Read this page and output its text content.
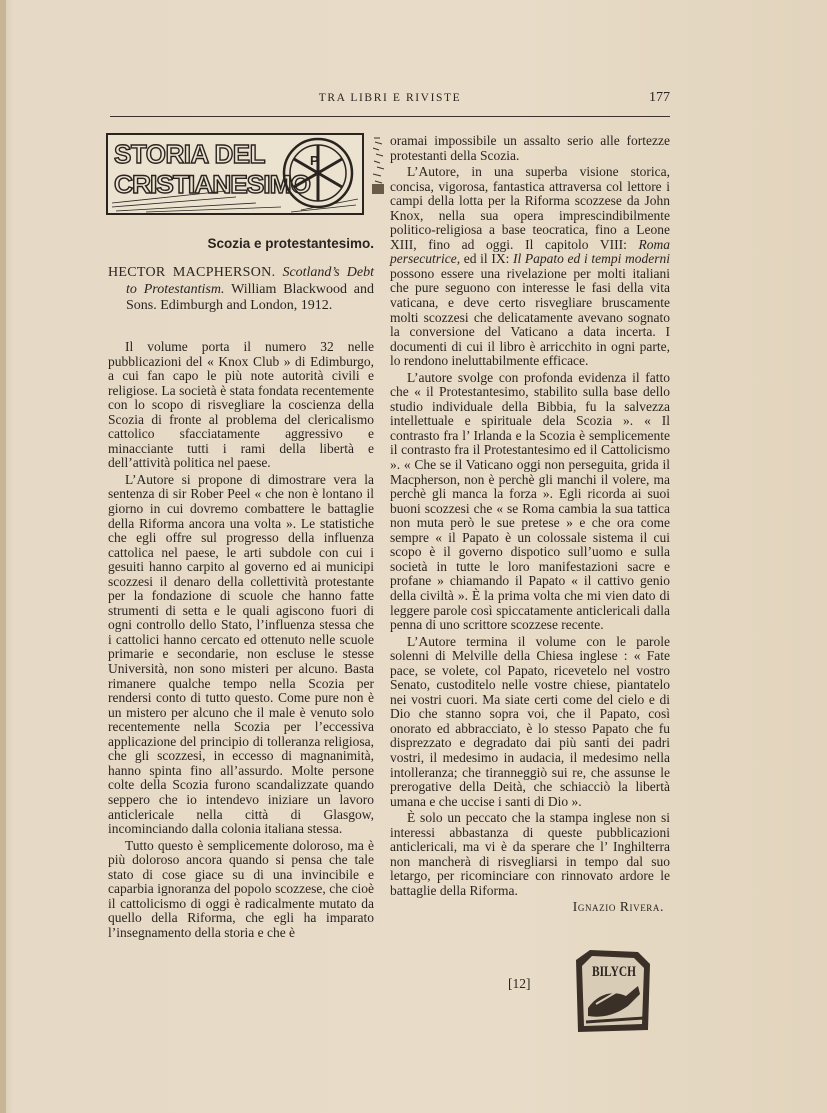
TRA LIBRI E RIVISTE	177
P
STORIA DEL
CRISTIANESIMO
Scozia e protestantesimo.
HECTOR MACPHERSON. Scotland’s Debt to Protestantism. William Blackwood and Sons. Edimburgh and London, 1912.

Il volume porta il numero 32 nelle pubblicazioni del « Knox Club » di Edimburgo, a cui fan capo le più note autorità civili e religiose. La società è stata fondata recentemente con lo scopo di risvegliare la coscienza della Scozia di fronte al problema del clericalismo cattolico sfacciatamente aggressivo e minacciante tutti i rami della libertà e dell’attività politica nel paese.

L’Autore si propone di dimostrare vera la sentenza di sir Rober Peel « che non è lontano il giorno in cui dovremo combattere le battaglie della Riforma ancora una volta ». Le statistiche che egli offre sul progresso della influenza cattolica nel paese, le arti subdole con cui i gesuiti hanno carpito al governo ed ai municipi scozzesi il denaro della collettività protestante per la fondazione di scuole che hanno fatte strumenti di setta e le quali agiscono fuori di ogni controllo dello Stato, l’influenza stessa che i cattolici hanno cercato ed ottenuto nelle scuole primarie e secondarie, non escluse le stesse Università, non sono misteri per alcuno. Basta rimanere qualche tempo nella Scozia per rendersi conto di tutto questo. Come pure non è un mistero per alcuno che il male è venuto solo recentemente nella Scozia per l’eccessiva applicazione del principio di tolleranza religiosa, che gli scozzesi, in eccesso di magnanimità, hanno spinta fino all’assurdo. Molte persone colte della Scozia furono scandalizzate quando seppero che io intendevo iniziare un lavoro anticlericale nella città di Glasgow, incominciando dalla colonia italiana stessa.

Tutto questo è semplicemente doloroso, ma è più doloroso ancora quando si pensa che tale stato di cose giace su di una invincibile e caparbia ignoranza del popolo scozzese, che cioè il cattolicismo di oggi è radicalmente mutato da quello della Riforma, che egli ha imparato l’insegnamento della storia e che è

oramai impossibile un assalto serio alle fortezze protestanti della Scozia.

L’Autore, in una superba visione storica, concisa, vigorosa, fantastica attraversa col lettore i campi della lotta per la Riforma scozzese da John Knox, nella sua opera imprescindibilmente politico-religiosa a base teocratica, fino a Leone XIII, fino ad oggi. Il capitolo VIII: Roma persecutrice, ed il IX: Il Papato ed i tempi moderni possono essere una rivelazione per molti italiani che pure seguono con interesse le fasi della vita vaticana, e deve certo risvegliare bruscamente molti scozzesi che delicatamente avevano sognato la conversione del Vaticano a data incerta. I documenti di cui il libro è arricchito in ogni parte, lo rendono ineluttabilmente efficace.

L’autore svolge con profonda evidenza il fatto che « il Protestantesimo, stabilito sulla base dello studio individuale della Bibbia, fu la salvezza intellettuale e spirituale dela Scozia ». « Il contrasto fra l’ Irlanda e la Scozia è semplicemente il contrasto fra il Protestantesimo ed il Cattolicismo ». « Che se il Vaticano oggi non perseguita, grida il Macpherson, non è perchè gli manchi il volere, ma perchè gli manca la forza ». Egli ricorda ai suoi buoni scozzesi che « se Roma cambia la sua tattica non muta però le sue pretese » e che ora come sempre « il Papato è un colossale sistema il cui scopo è il governo dispotico sull’uomo e sulla società in tutte le loro manifestazioni sacre e profane » chiamando il Papato « il cattivo genio della civiltà ». È la prima volta che mi vien dato di leggere parole così spiccatamente anticlericali dalla penna di uno scrittore scozzese recente.

L’Autore termina il volume con le parole solenni di Melville della Chiesa inglese : « Fate pace, se volete, col Papato, ricevetelo nel vostro Senato, custoditelo nelle vostre chiese, piantatelo nei vostri cuori. Ma siate certi come del cielo e di Dio che stanno sopra voi, che il Papato, così onorato ed abbracciato, è lo stesso Papato che fu disprezzato e degradato dai più santi dei padri vostri, il medesimo in audacia, il medesimo nella intolleranza; che tiranneggiò sui re, che assunse le prerogative della Deità, che schiacciò la libertà umana e che uccise i santi di Dio ».

È solo un peccato che la stampa inglese non si interessi abbastanza di queste pubblicazioni anticlericali, ma vi è da sperare che l’ Inghilterra non mancherà di risvegliarsi in tempo dal suo letargo, per ricominciare con rinnovato ardore le battaglie della Riforma.

Ignazio Rivera.

[12]
BILYCH
